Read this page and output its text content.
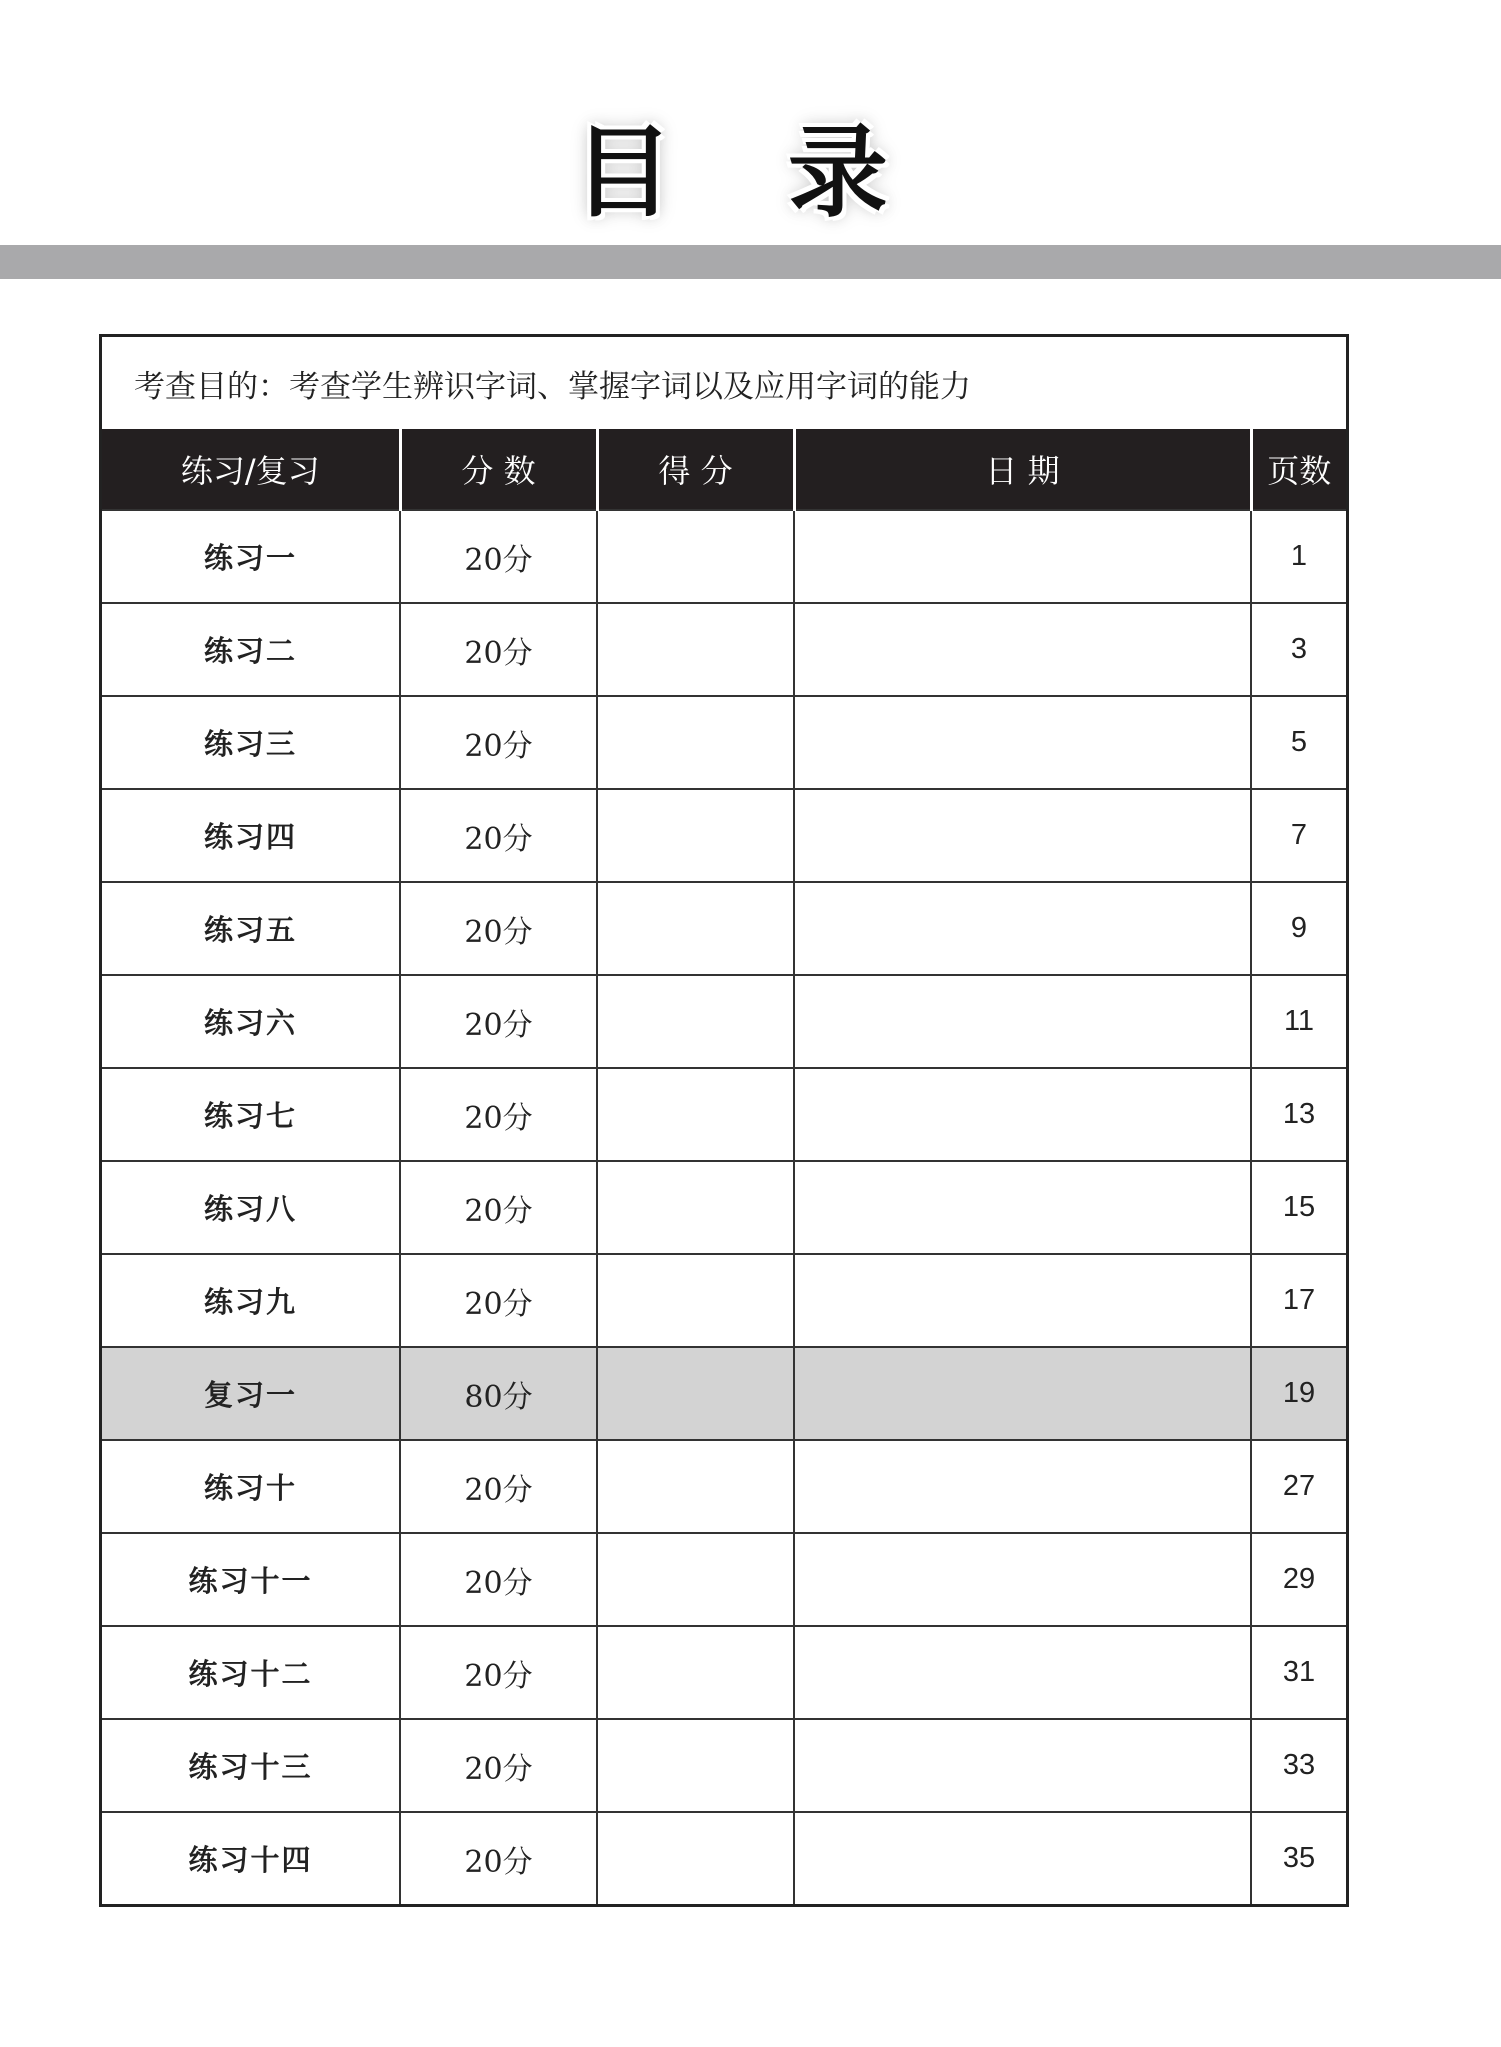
目 录
考查目的：考查学生辨识字词、掌握字词以及应用字词的能力
练习/复习	分 数	得 分	日 期	页数
练习一	20分			1
练习二	20分			3
练习三	20分			5
练习四	20分			7
练习五	20分			9
练习六	20分			11
练习七	20分			13
练习八	20分			15
练习九	20分			17
复习一	80分			19
练习十	20分			27
练习十一	20分			29
练习十二	20分			31
练习十三	20分			33
练习十四	20分			35
